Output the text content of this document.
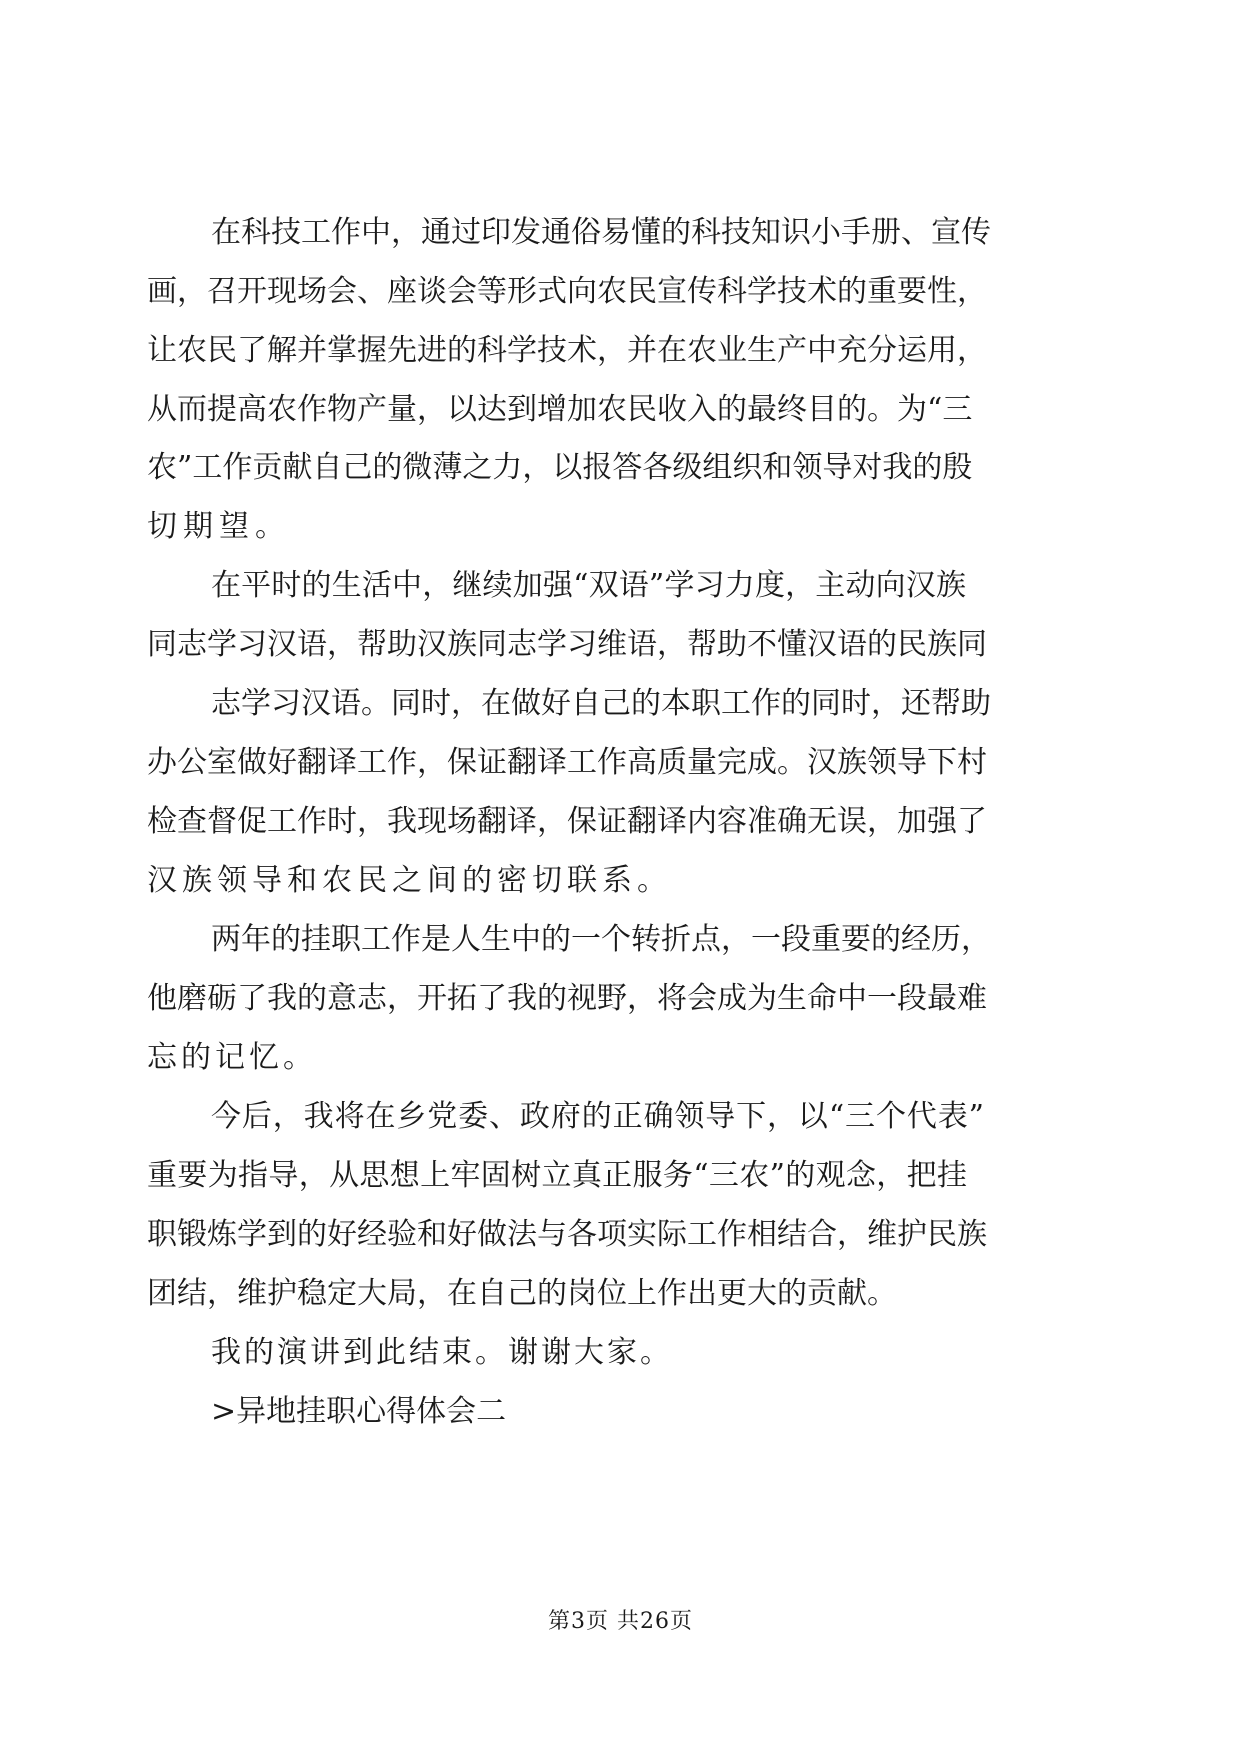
在 科 技 工 作 中 ， 通 过 印 发 通 俗 易 懂 的 科 技 知 识 小 手 册 、 宣 传
画 ， 召 开 现 场 会 、 座 谈 会 等 形 式 向 农 民 宣 传 科 学 技 术 的 重 要 性 ，
让 农 民 了 解 并 掌 握 先 进 的 科 学 技 术 ， 并 在 农 业 生 产 中 充 分 运 用 ，
从 而 提 高 农 作 物 产 量 ， 以 达 到 增 加 农 民 收 入 的 最 终 目 的 。 为 “ 三
农 ” 工 作 贡 献 自 己 的 微 薄 之 力 ， 以 报 答 各 级 组 织 和 领 导 对 我 的 殷
切期望。
在 平 时 的 生 活 中 ， 继 续 加 强 “ 双 语 ” 学 习 力 度 ， 主 动 向 汉 族
同 志 学 习 汉 语 ， 帮 助 汉 族 同 志 学 习 维 语 ， 帮 助 不 懂 汉 语 的 民 族 同
志 学 习 汉 语 。 同 时 ， 在 做 好 自 己 的 本 职 工 作 的 同 时 ， 还 帮 助
办 公 室 做 好 翻 译 工 作 ， 保 证 翻 译 工 作 高 质 量 完 成 。 汉 族 领 导 下 村
检 查 督 促 工 作 时 ， 我 现 场 翻 译 ， 保 证 翻 译 内 容 准 确 无 误 ， 加 强 了
汉族领导和农民之间的密切联系。
两 年 的 挂 职 工 作 是 人 生 中 的 一 个 转 折 点 ， 一 段 重 要 的 经 历 ，
他 磨 砺 了 我 的 意 志 ， 开 拓 了 我 的 视 野 ， 将 会 成 为 生 命 中 一 段 最 难
忘的记忆。
今 后 ， 我 将 在 乡 党 委 、 政 府 的 正 确 领 导 下 ， 以 “ 三 个 代 表 ”
重 要 为 指 导 ， 从 思 想 上 牢 固 树 立 真 正 服 务 “ 三 农 ” 的 观 念 ， 把 挂
职 锻 炼 学 到 的 好 经 验 和 好 做 法 与 各 项 实 际 工 作 相 结 合 ， 维 护 民 族
团 结 ， 维 护 稳 定 大 局 ， 在 自 己 的 岗 位 上 作 出 更 大 的 贡 献 。
我的演讲到此结束。谢谢大家。
>异地挂职心得体会二
第3页 共26页
